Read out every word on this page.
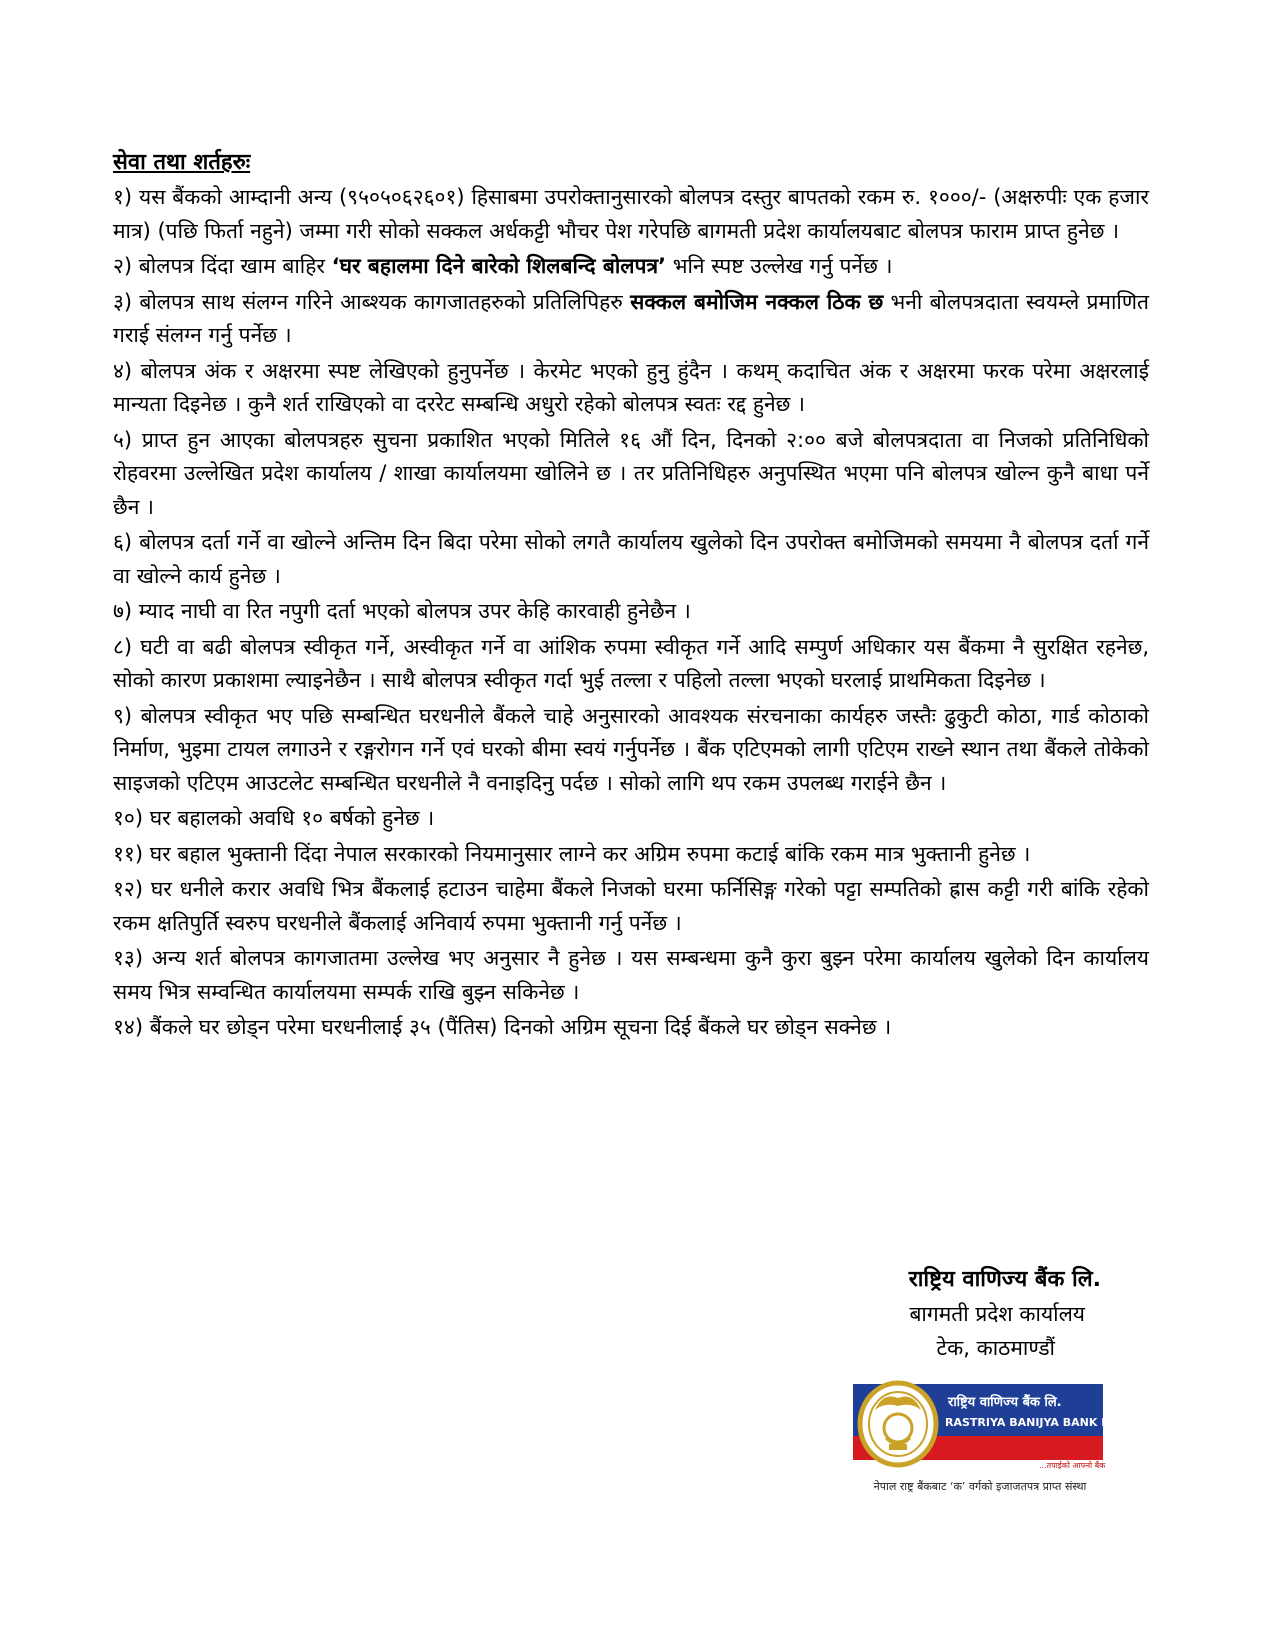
सेवा तथा शर्तहरुः

१) यस बैंकको आम्दानी अन्य (९५०५०६२६०१) हिसाबमा उपरोक्तानुसारको बोलपत्र दस्तुर बापतको रकम रु. १०००/- (अक्षरुपीः एक हजार मात्र) (पछि फिर्ता नहुने) जम्मा गरी सोको सक्कल अर्धकट्टी भौचर पेश गरेपछि बागमती प्रदेश कार्यालयबाट बोलपत्र फाराम प्राप्त हुनेछ ।

२) बोलपत्र दिंदा खाम बाहिर ‘घर बहालमा दिने बारेको शिलबन्दि बोलपत्र’ भनि स्पष्ट उल्लेख गर्नु पर्नेछ ।

३) बोलपत्र साथ संलग्न गरिने आब्श्यक कागजातहरुको प्रतिलिपिहरु सक्कल बमोजिम नक्कल ठिक छ भनी बोलपत्रदाता स्वयम्ले प्रमाणित गराई संलग्न गर्नु पर्नेछ ।

४) बोलपत्र अंक र अक्षरमा स्पष्ट लेखिएको हुनुपर्नेछ । केरमेट भएको हुनु हुंदैन । कथम् कदाचित अंक र अक्षरमा फरक परेमा अक्षरलाई मान्यता दिइनेछ । कुनै शर्त राखिएको वा दररेट सम्बन्धि अधुरो रहेको बोलपत्र स्वतः रद्द हुनेछ ।

५) प्राप्त हुन आएका बोलपत्रहरु सुचना प्रकाशित भएको मितिले १६ औं दिन, दिनको २:०० बजे बोलपत्रदाता वा निजको प्रतिनिधिको रोहवरमा उल्लेखित प्रदेश कार्यालय / शाखा कार्यालयमा खोलिने छ । तर प्रतिनिधिहरु अनुपस्थित भएमा पनि बोलपत्र खोल्न कुनै बाधा पर्ने छैन ।

६) बोलपत्र दर्ता गर्ने वा खोल्ने अन्तिम दिन बिदा परेमा सोको लगतै कार्यालय खुलेको दिन उपरोक्त बमोजिमको समयमा नै बोलपत्र दर्ता गर्ने वा खोल्ने कार्य हुनेछ ।

७) म्याद नाघी वा रित नपुगी दर्ता भएको बोलपत्र उपर केहि कारवाही हुनेछैन ।

८) घटी वा बढी बोलपत्र स्वीकृत गर्ने, अस्वीकृत गर्ने वा आंशिक रुपमा स्वीकृत गर्ने आदि सम्पुर्ण अधिकार यस बैंकमा नै सुरक्षित रहनेछ, सोको कारण प्रकाशमा ल्याइनेछैन । साथै बोलपत्र स्वीकृत गर्दा भुई तल्ला र पहिलो तल्ला भएको घरलाई प्राथमिकता दिइनेछ ।

९) बोलपत्र स्वीकृत भए पछि सम्बन्धित घरधनीले बैंकले चाहे अनुसारको आवश्यक संरचनाका कार्यहरु जस्तैः ढुकुटी कोठा, गार्ड कोठाको निर्माण, भुइमा टायल लगाउने र रङ्गरोगन गर्ने एवं घरको बीमा स्वयं गर्नुपर्नेछ । बैंक एटिएमको लागी एटिएम राख्ने स्थान तथा बैंकले तोकेको साइजको एटिएम आउटलेट सम्बन्धित घरधनीले नै वनाइदिनु पर्दछ । सोको लागि थप रकम उपलब्ध गराईने छैन ।

१०) घर बहालको अवधि १० बर्षको हुनेछ ।

११) घर बहाल भुक्तानी दिंदा नेपाल सरकारको नियमानुसार लाग्ने कर अग्रिम रुपमा कटाई बांकि रकम मात्र भुक्तानी हुनेछ ।

१२) घर धनीले करार अवधि भित्र बैंकलाई हटाउन चाहेमा बैंकले निजको घरमा फर्निसिङ्ग गरेको पट्टा सम्पतिको ह्रास कट्टी गरी बांकि रहेको रकम क्षतिपुर्ति स्वरुप घरधनीले बैंकलाई अनिवार्य रुपमा भुक्तानी गर्नु पर्नेछ ।

१३) अन्य शर्त बोलपत्र कागजातमा उल्लेख भए अनुसार नै हुनेछ । यस सम्बन्धमा कुनै कुरा बुझ्न परेमा कार्यालय खुलेको दिन कार्यालय समय भित्र सम्वन्धित कार्यालयमा सम्पर्क राखि बुझ्न सकिनेछ ।

१४) बैंकले घर छोड्न परेमा घरधनीलाई ३५ (पैंतिस) दिनको अग्रिम सूचना दिई बैंकले घर छोड्न सक्नेछ ।

राष्ट्रिय वाणिज्य बैंक लि.
बागमती प्रदेश कार्यालय
टेक, काठमाण्डौं
राष्ट्रिय वाणिज्य बैंक लि.
RASTRIYA BANIJYA BANK LTD.
...तपाईको आफ्नो बैंक
नेपाल राष्ट्र बैंकबाट ‘क’ वर्गको इजाजतपत्र प्राप्त संस्था
